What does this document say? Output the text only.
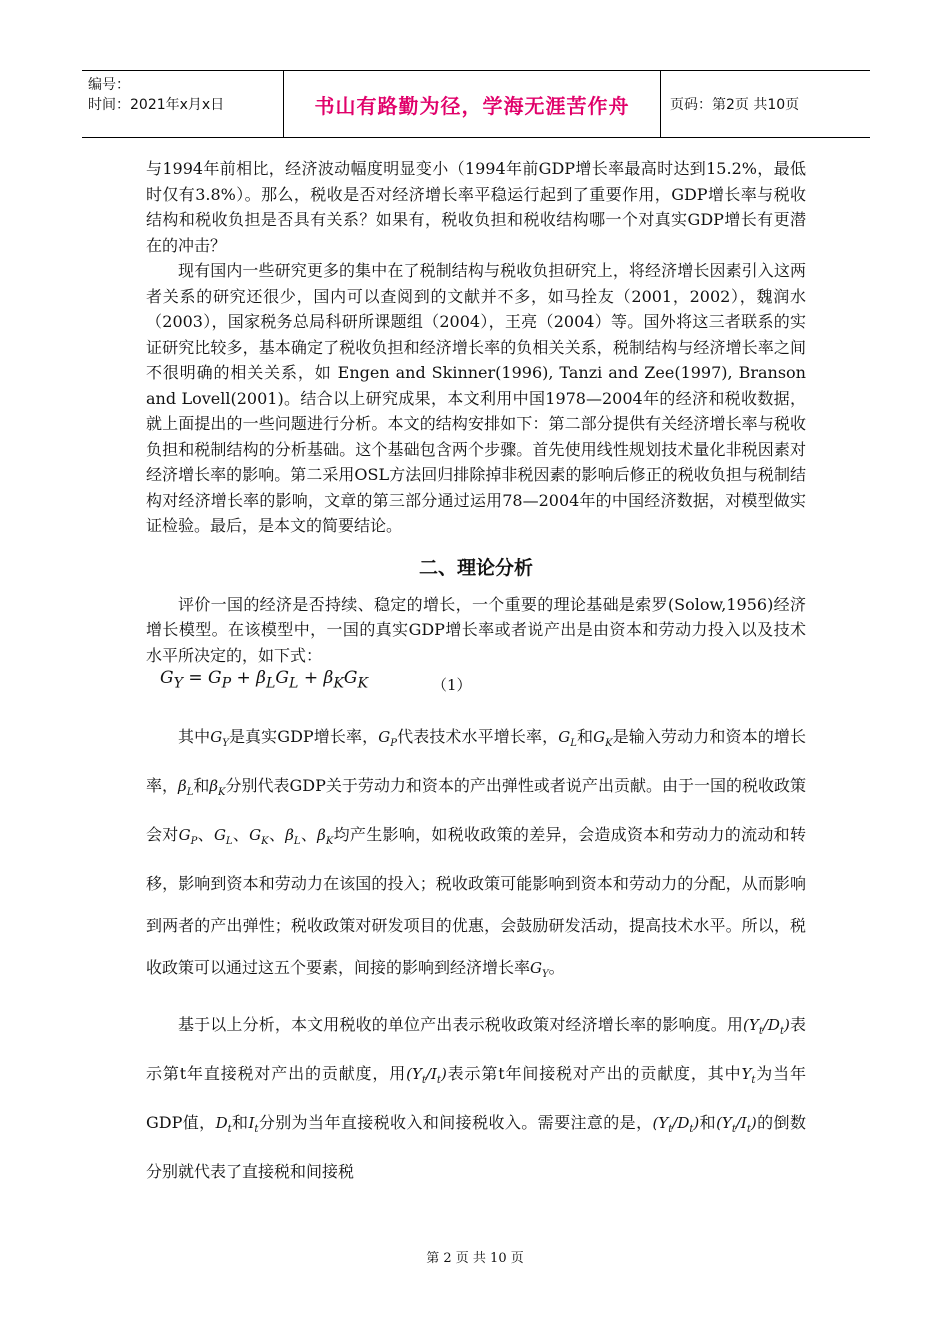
编号：
时间：2021年x月x日	书山有路勤为径，学海无涯苦作舟	页码：第2页 共10页

与1994年前相比，经济波动幅度明显变小（1994年前GDP增长率最高时达到15.2%，最低时仅有3.8%）。那么，税收是否对经济增长率平稳运行起到了重要作用，GDP增长率与税收结构和税收负担是否具有关系？如果有，税收负担和税收结构哪一个对真实GDP增长有更潜在的冲击？

现有国内一些研究更多的集中在了税制结构与税收负担研究上，将经济增长因素引入这两者关系的研究还很少，国内可以查阅到的文献并不多，如马拴友（2001，2002），魏润水（2003），国家税务总局科研所课题组（2004），王亮（2004）等。国外将这三者联系的实证研究比较多，基本确定了税收负担和经济增长率的负相关关系，税制结构与经济增长率之间不很明确的相关关系，如 Engen and Skinner(1996), Tanzi and Zee(1997), Branson and Lovell(2001)。结合以上研究成果，本文利用中国1978—2004年的经济和税收数据，就上面提出的一些问题进行分析。本文的结构安排如下：第二部分提供有关经济增长率与税收负担和税制结构的分析基础。这个基础包含两个步骤。首先使用线性规划技术量化非税因素对经济增长率的影响。第二采用OSL方法回归排除掉非税因素的影响后修正的税收负担与税制结构对经济增长率的影响，文章的第三部分通过运用78—2004年的中国经济数据，对模型做实证检验。最后，是本文的简要结论。

二、理论分析

评价一国的经济是否持续、稳定的增长，一个重要的理论基础是索罗(Solow,1956)经济增长模型。在该模型中，一国的真实GDP增长率或者说产出是由资本和劳动力投入以及技术水平所决定的，如下式：

$G_Y = G_P + \beta_LG_L + \beta_KG_K$	（1）

其中$G_Y$是真实GDP增长率，$G_P$代表技术水平增长率，$G_L$和$G_K$是输入劳动力和资本的增长率，$\beta_L$和$\beta_K$分别代表GDP关于劳动力和资本的产出弹性或者说产出贡献。由于一国的税收政策会对$G_P$、$G_L$、$G_K$、$\beta_L$、$\beta_K$均产生影响，如税收政策的差异，会造成资本和劳动力的流动和转移，影响到资本和劳动力在该国的投入；税收政策可能影响到资本和劳动力的分配，从而影响到两者的产出弹性；税收政策对研发项目的优惠，会鼓励研发活动，提高技术水平。所以，税收政策可以通过这五个要素，间接的影响到经济增长率$G_Y$。

基于以上分析，本文用税收的单位产出表示税收政策对经济增长率的影响度。用$(Y_t/D_t)$表示第t年直接税对产出的贡献度，用$(Y_t/I_t)$表示第t年间接税对产出的贡献度，其中$Y_t$为当年GDP值，$D_t$和$I_t$分别为当年直接税收入和间接税收入。需要注意的是，$(Y_t/D_t)$和$(Y_t/I_t)$的倒数分别就代表了直接税和间接税

第 2 页 共 10 页
